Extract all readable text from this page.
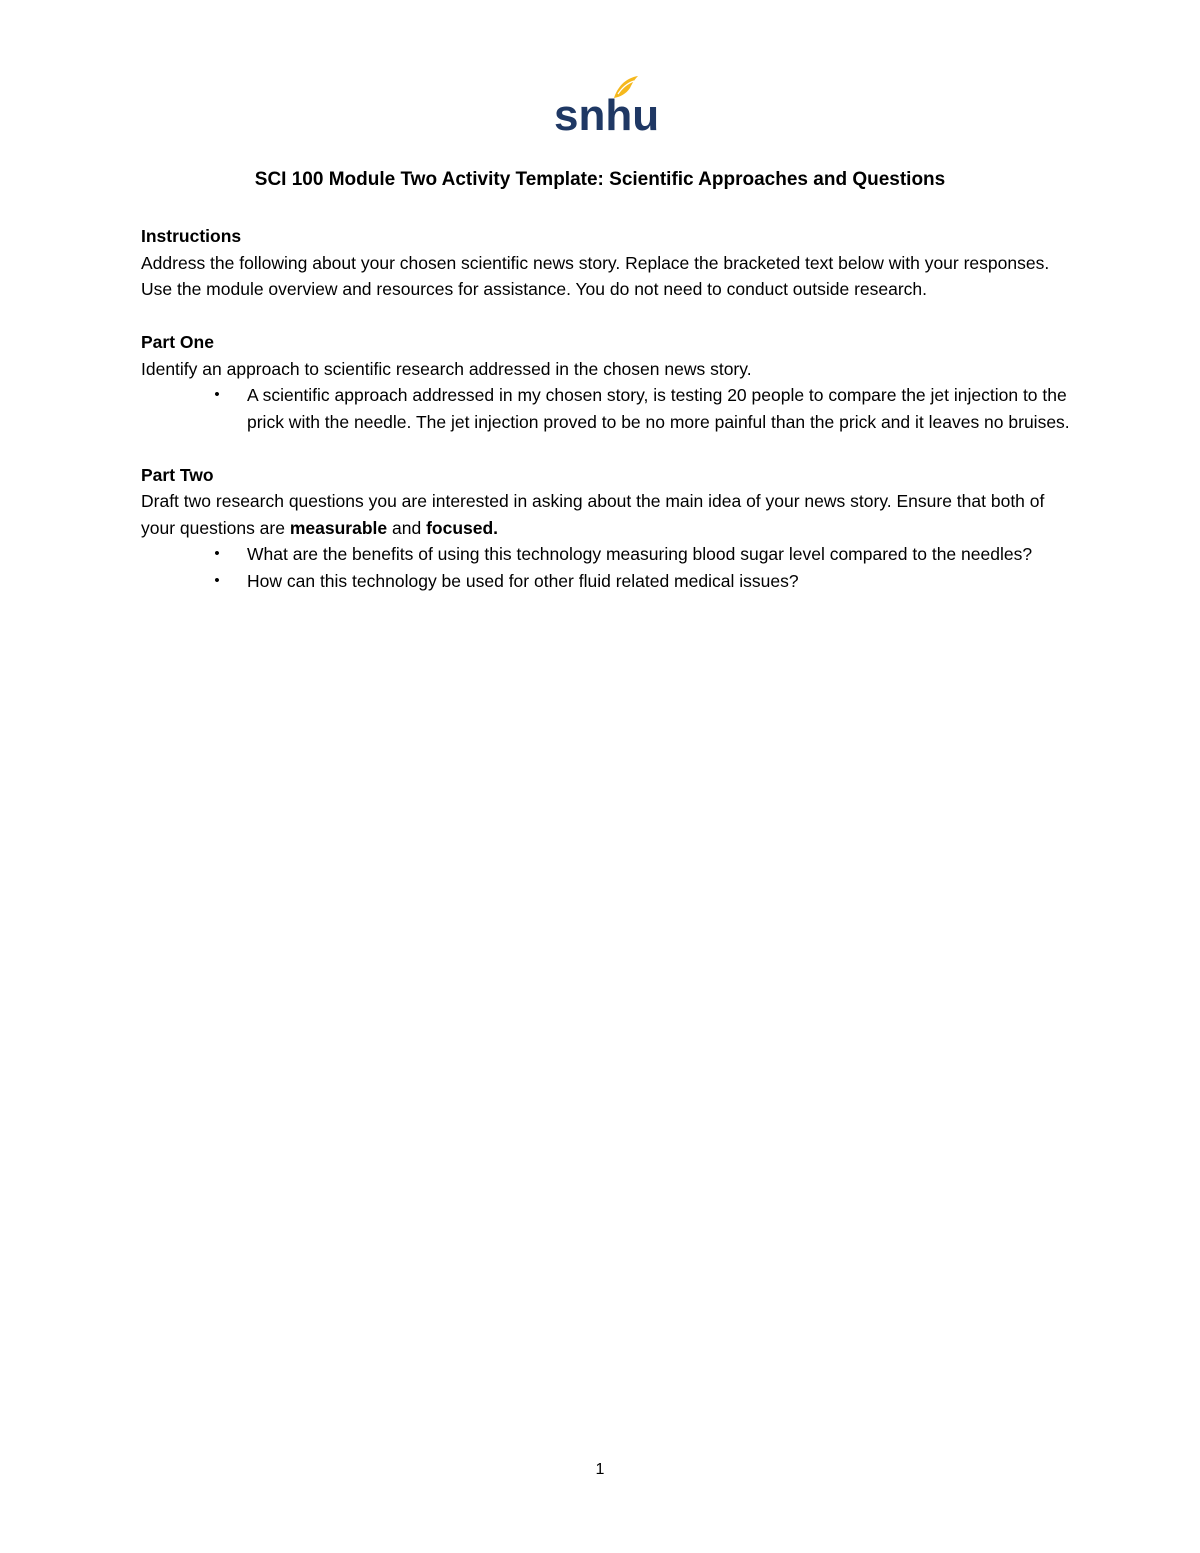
snhu
SCI 100 Module Two Activity Template: Scientific Approaches and Questions

Instructions

Address the following about your chosen scientific news story. Replace the bracketed text below with your responses. Use the module overview and resources for assistance. You do not need to conduct outside research.

Part One

Identify an approach to scientific research addressed in the chosen news story.

• A scientific approach addressed in my chosen story, is testing 20 people to compare the jet injection to the prick with the needle. The jet injection proved to be no more painful than the prick and it leaves no bruises.

Part Two

Draft two research questions you are interested in asking about the main idea of your news story. Ensure that both of your questions are measurable and focused.

• What are the benefits of using this technology measuring blood sugar level compared to the needles?
• How can this technology be used for other fluid related medical issues?
1
